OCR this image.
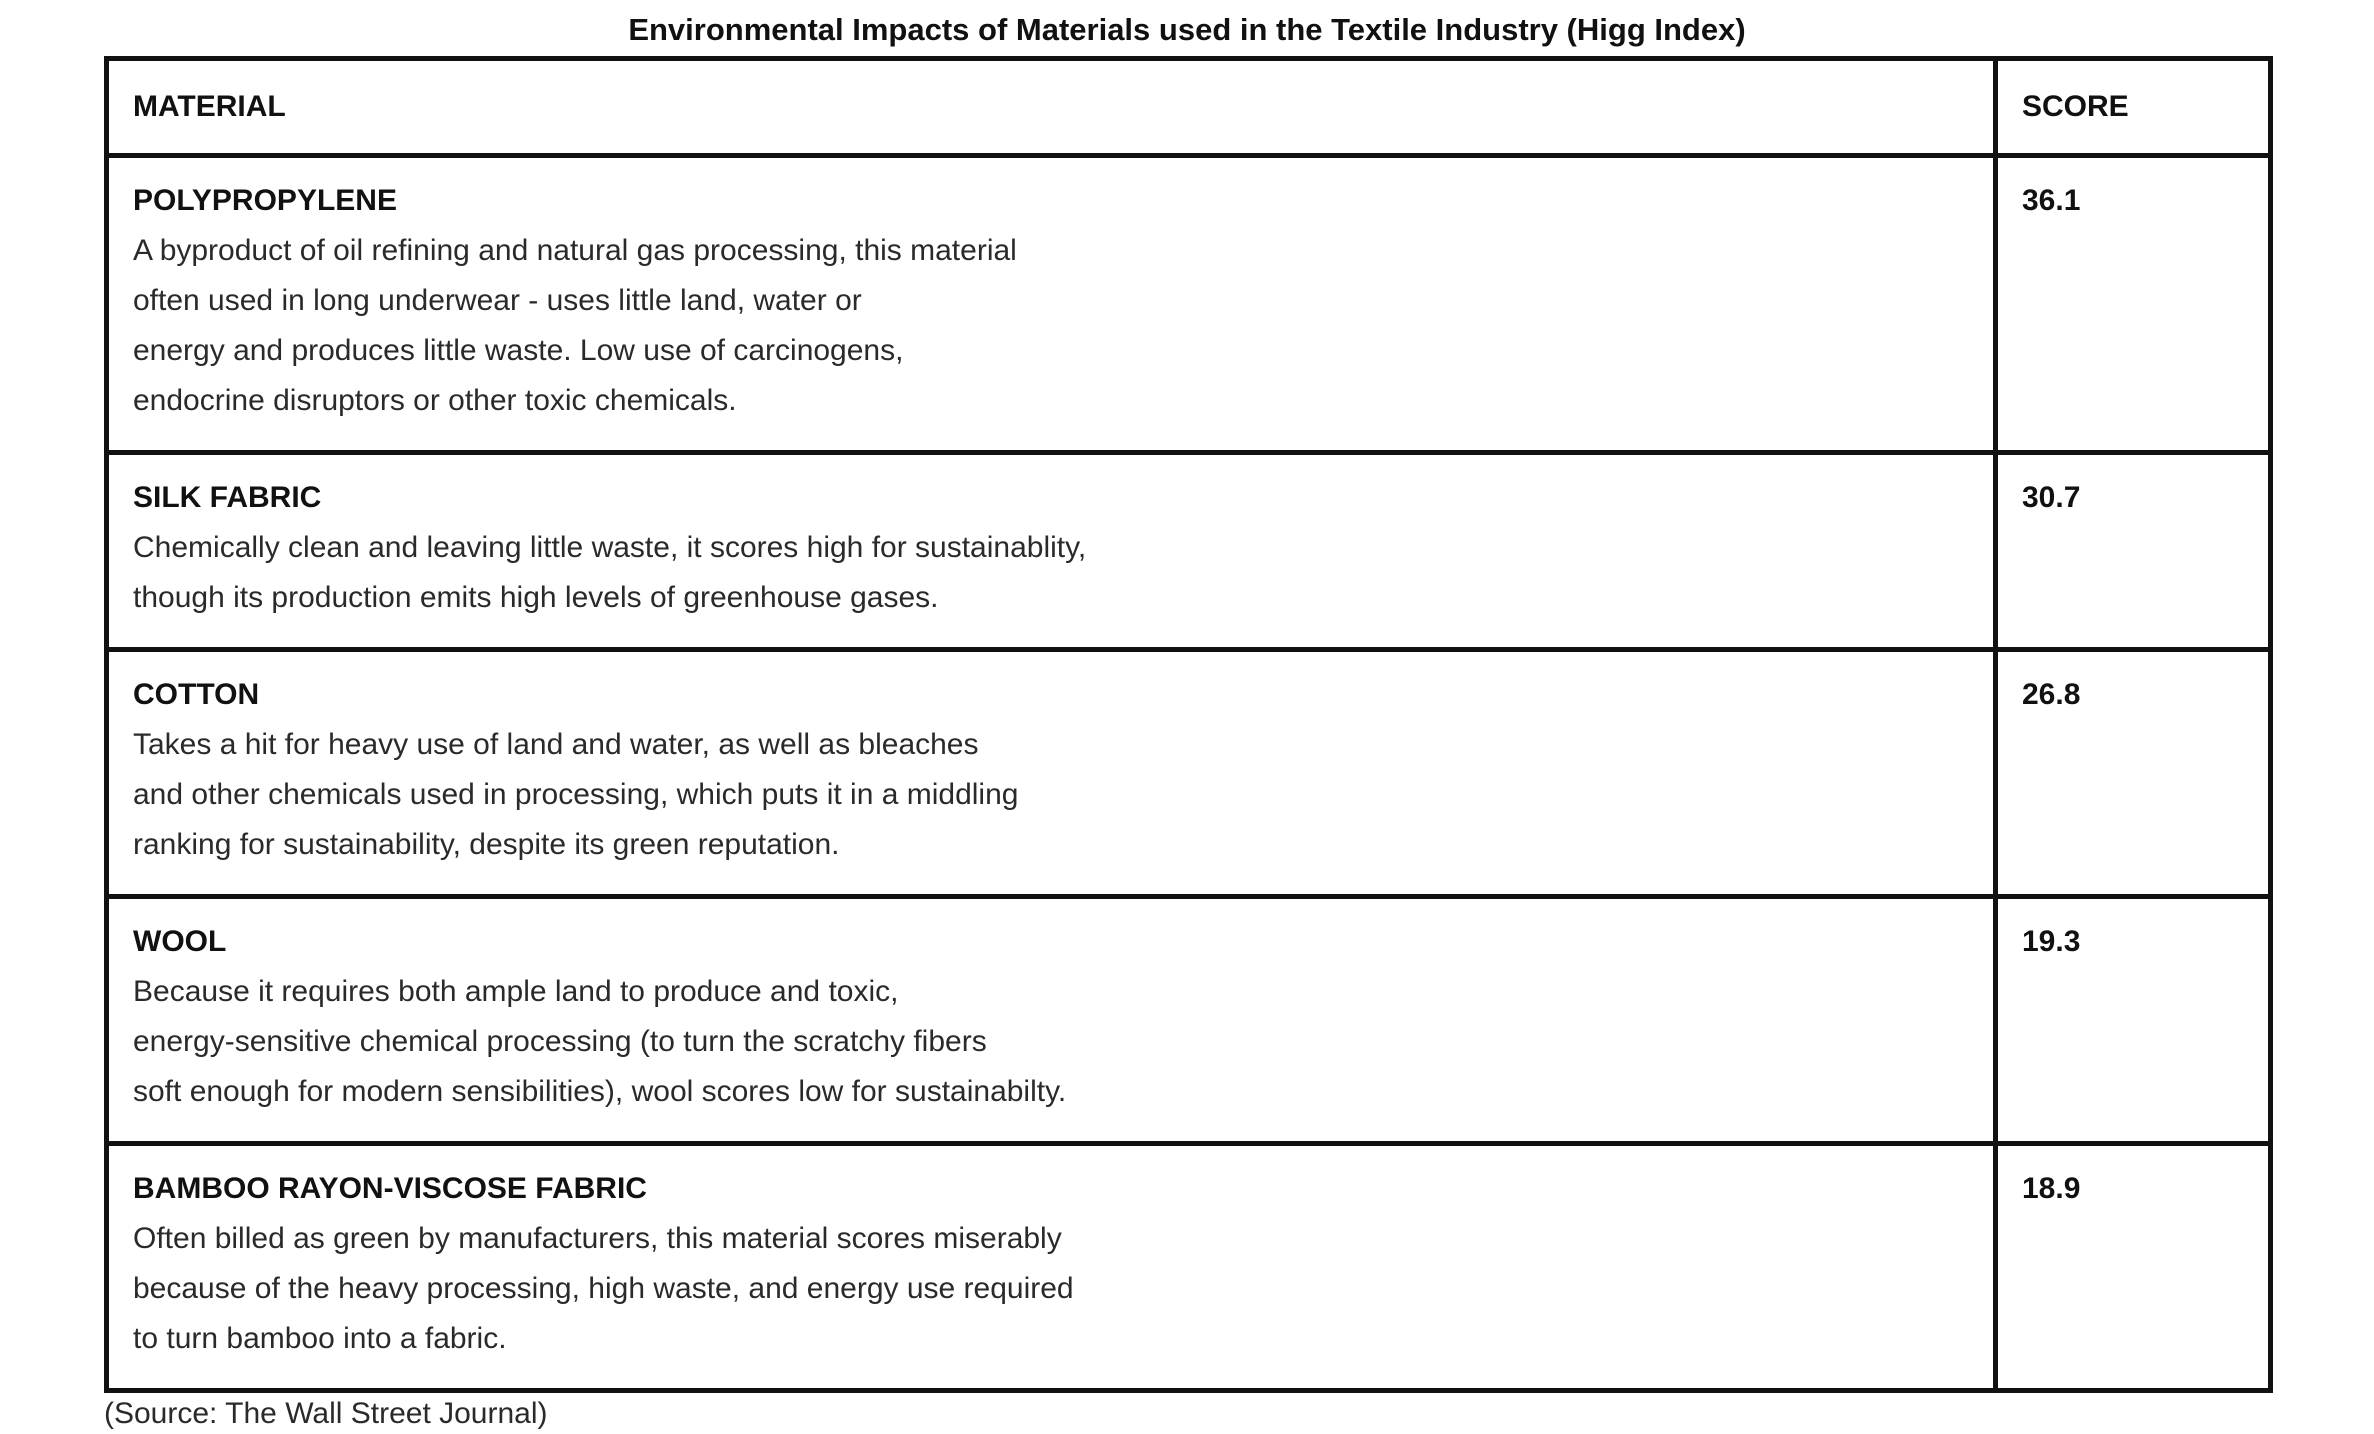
Environmental Impacts of Materials used in the Textile Industry (Higg Index)
MATERIAL	SCORE

POLYPROPYLENE
A byproduct of oil refining and natural gas processing, this material
often used in long underwear - uses little land, water or
energy and produces little waste. Low use of carcinogens,
endocrine disruptors or other toxic chemicals.	36.1

SILK FABRIC
Chemically clean and leaving little waste, it scores high for sustainablity,
though its production emits high levels of greenhouse gases.	30.7

COTTON
Takes a hit for heavy use of land and water, as well as bleaches
and other chemicals used in processing, which puts it in a middling
ranking for sustainability, despite its green reputation.	26.8

WOOL
Because it requires both ample land to produce and toxic,
energy-sensitive chemical processing (to turn the scratchy fibers
soft enough for modern sensibilities), wool scores low for sustainabilty.	19.3

BAMBOO RAYON-VISCOSE FABRIC
Often billed as green by manufacturers, this material scores miserably
because of the heavy processing, high waste, and energy use required
to turn bamboo into a fabric.	18.9
(Source: The Wall Street Journal)
